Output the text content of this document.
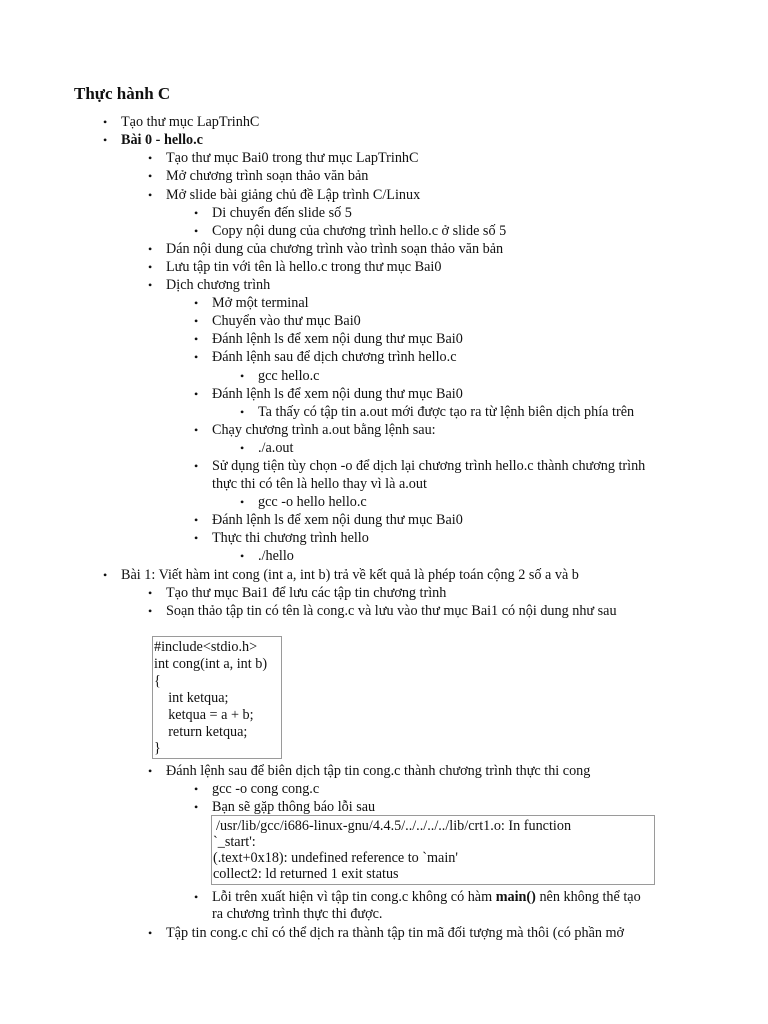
Thực hành C
• Tạo thư mục LapTrinhC
• Bài 0 - hello.c
• Tạo thư mục Bai0 trong thư mục LapTrinhC
• Mở chương trình soạn thảo văn bản
• Mở slide bài giảng chủ đề Lập trình C/Linux
• Di chuyển đến slide số 5
• Copy nội dung của chương trình hello.c ở slide số 5
• Dán nội dung của chương trình vào trình soạn thảo văn bản
• Lưu tập tin với tên là hello.c trong thư mục Bai0
• Dịch chương trình
• Mở một terminal
• Chuyển vào thư mục Bai0
• Đánh lệnh ls để xem nội dung thư mục Bai0
• Đánh lệnh sau để dịch chương trình hello.c
• gcc hello.c
• Đánh lệnh ls để xem nội dung thư mục Bai0
• Ta thấy có tập tin a.out mới được tạo ra từ lệnh biên dịch phía trên
• Chạy chương trình a.out bằng lệnh sau:
• ./a.out
• Sử dụng tiện tùy chọn -o để dịch lại chương trình hello.c thành chương trình
thực thi có tên là hello thay vì là a.out
• gcc -o hello hello.c
• Đánh lệnh ls để xem nội dung thư mục Bai0
• Thực thi chương trình hello
• ./hello
• Bài 1: Viết hàm int cong (int a, int b) trả về kết quả là phép toán cộng 2 số a và b
• Tạo thư mục Bai1 để lưu các tập tin chương trình
• Soạn thảo tập tin có tên là cong.c và lưu vào thư mục Bai1 có nội dung như sau
#include<stdio.h>
int cong(int a, int b)
{
int ketqua;
ketqua = a + b;
return ketqua;
}
• Đánh lệnh sau để biên dịch tập tin cong.c thành chương trình thực thi cong
• gcc -o cong cong.c
• Bạn sẽ gặp thông báo lỗi sau
/usr/lib/gcc/i686-linux-gnu/4.4.5/../../../../lib/crt1.o: In function
`_start':
(.text+0x18): undefined reference to `main'
collect2: ld returned 1 exit status
• Lỗi trên xuất hiện vì tập tin cong.c không có hàm main() nên không thể tạo
ra chương trình thực thi được.
• Tập tin cong.c chỉ có thể dịch ra thành tập tin mã đối tượng mà thôi (có phần mở
